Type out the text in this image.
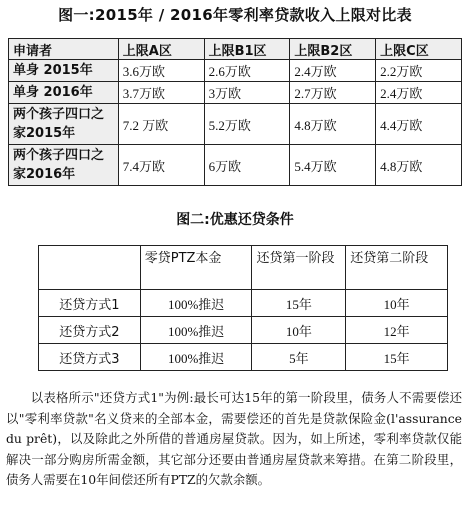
图一:2015年 / 2016年零利率贷款收入上限对比表
申请者	上限A区	上限B1区	上限B2区	上限C区
单身 2015年	3.6万欧	2.6万欧	2.4万欧	2.2万欧
单身 2016年	3.7万欧	3万欧	2.7万欧	2.4万欧
两个孩子四口之家2015年	7.2 万欧	5.2万欧	4.8万欧	4.4万欧
两个孩子四口之家2016年	7.4万欧	6万欧	5.4万欧	4.8万欧
图二:优惠还贷条件
	零贷PTZ本金	还贷第一阶段	还贷第二阶段
还贷方式1	100%推迟	15年	10年
还贷方式2	100%推迟	10年	12年
还贷方式3	100%推迟	5年	15年

以表格所示"还贷方式1"为例:最长可达15年的第一阶段里，债务人不需要偿还以"零利率贷款"名义贷来的全部本金，需要偿还的首先是贷款保险金(l'assurance du prêt)，以及除此之外所借的普通房屋贷款。因为，如上所述，零利率贷款仅能解决一部分购房所需金额，其它部分还要由普通房屋贷款来筹措。在第二阶段里，债务人需要在10年间偿还所有PTZ的欠款余额。
